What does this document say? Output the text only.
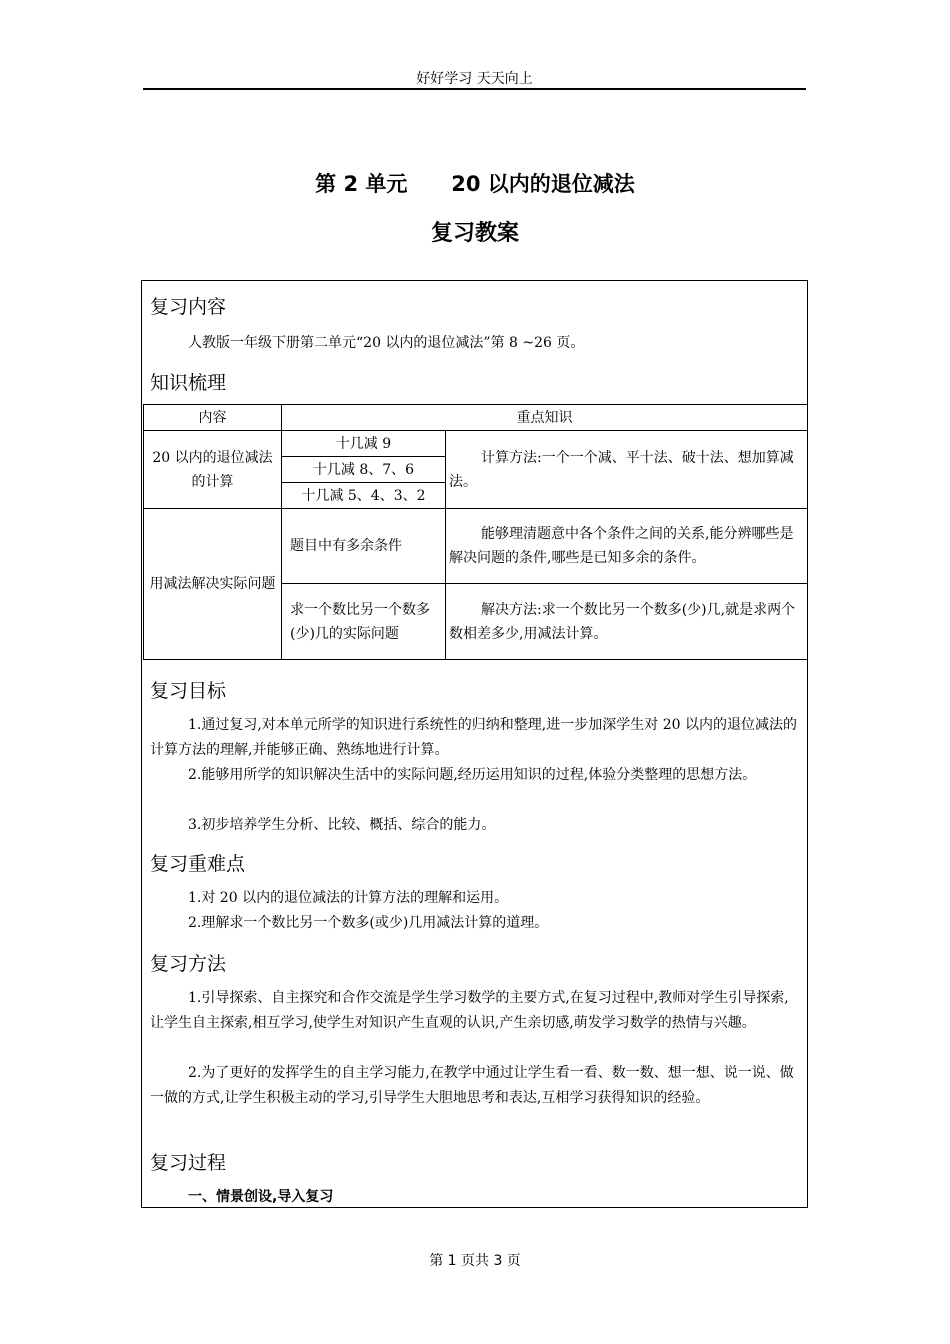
好好学习 天天向上
第 2 单元      20 以内的退位减法
复习教案
复习内容
人教版一年级下册第二单元“20 以内的退位减法”第 8 ~26 页。
知识梳理
内容	重点知识	
20 以内的退位减法的计算	十几减 9	计算方法:一个一个减、平十法、破十法、想加算减法。
	十几减 8、7、6	
	十几减 5、4、3、2	
用减法解决实际问题	题目中有多余条件	能够理清题意中各个条件之间的关系,能分辨哪些是解决问题的条件,哪些是已知多余的条件。
	求一个数比另一个数多(少)几的实际问题	解决方法:求一个数比另一个数多(少)几,就是求两个数相差多少,用减法计算。
复习目标
1.通过复习,对本单元所学的知识进行系统性的归纳和整理,进一步加深学生对 20 以内的退位减法的计算方法的理解,并能够正确、熟练地进行计算。
2.能够用所学的知识解决生活中的实际问题,经历运用知识的过程,体验分类整理的思想方法。
3.初步培养学生分析、比较、概括、综合的能力。
复习重难点
1.对 20 以内的退位减法的计算方法的理解和运用。
2.理解求一个数比另一个数多(或少)几用减法计算的道理。
复习方法
1.引导探索、自主探究和合作交流是学生学习数学的主要方式,在复习过程中,教师对学生引导探索,让学生自主探索,相互学习,使学生对知识产生直观的认识,产生亲切感,萌发学习数学的热情与兴趣。
2.为了更好的发挥学生的自主学习能力,在教学中通过让学生看一看、数一数、想一想、说一说、做一做的方式,让学生积极主动的学习,引导学生大胆地思考和表达,互相学习获得知识的经验。
复习过程
一、情景创设,导入复习
第 1 页共 3 页
